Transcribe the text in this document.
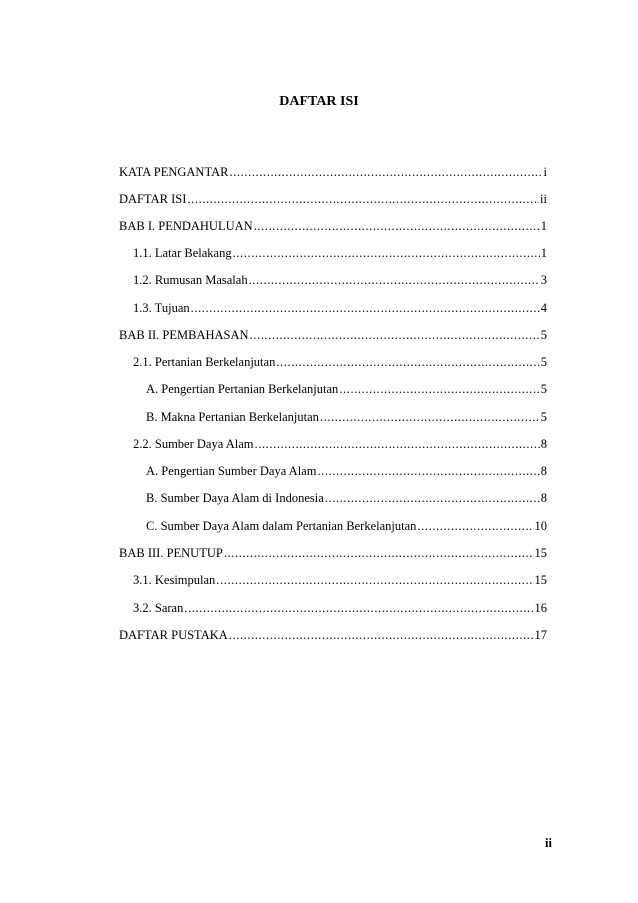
DAFTAR ISI
KATA PENGANTAR .....	i
DAFTAR ISI .....	ii
BAB I. PENDAHULUAN .....	1
1.1. Latar Belakang .....	1
1.2. Rumusan Masalah .....	3
1.3. Tujuan .....	4
BAB II. PEMBAHASAN .....	5
2.1. Pertanian Berkelanjutan .....	5
A. Pengertian Pertanian Berkelanjutan .....	5
B. Makna Pertanian Berkelanjutan .....	5
2.2. Sumber Daya Alam .....	8
A. Pengertian Sumber Daya Alam .....	8
B. Sumber Daya Alam di Indonesia .....	8
C. Sumber Daya Alam dalam Pertanian Berkelanjutan .....	10
BAB III. PENUTUP .....	15
3.1. Kesimpulan .....	15
3.2. Saran .....	16
DAFTAR PUSTAKA .....	17
ii
